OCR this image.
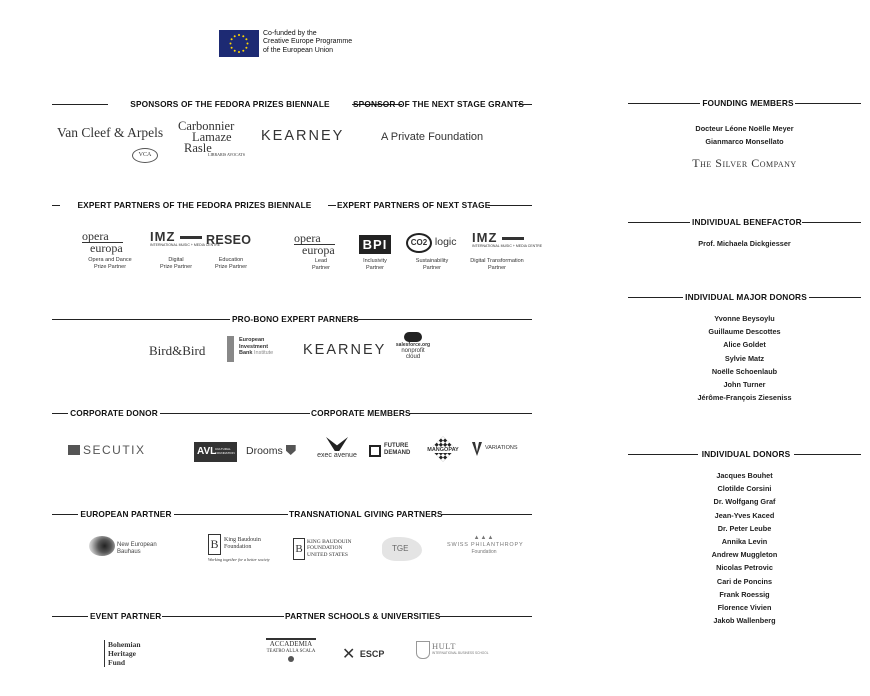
Co-funded by the
Creative Europe Programme
of the European Union
SPONSORS OF THE FEDORA PRIZES BIENNALE	SPONSOR OF THE NEXT STAGE GRANTS	FOUNDING MEMBERS
Van Cleef & Arpels
VCA
Carbonnier
Lamaze
Rasle
LIBRARIS AVOCATS
KEARNEY	A Private Foundation
Docteur Léone Noëlle Meyer
Gianmarco Monsellato
The Silver Company
EXPERT PARTNERS OF THE FEDORA PRIZES BIENNALE	EXPERT PARTNERS OF NEXT STAGE
INDIVIDUAL BENEFACTOR
Prof. Michaela Dickgiesser
opera
europa
Opera and Dance
Prize Partner
IMZ
INTERNATIONAL MUSIC + MEDIA CENTRE
Digital
Prize Partner
RESEO
Education
Prize Partner
opera
europa
Lead
Partner
BPI
Inclusivity
Partner
CO2 logic
Sustainability
Partner
IMZ
INTERNATIONAL MUSIC + MEDIA CENTRE
Digital Transformation
Partner
INDIVIDUAL MAJOR DONORS
Yvonne Beysoylu
Guillaume Descottes
Alice Goldet
Sylvie Matz
Noëlle Schoenlaub
John Turner
Jérôme-François Zieseniss
PRO-BONO EXPERT PARNERS
Bird&Bird
European
Investment
Bank Institute KEARNEY	salesforce.org
nonprofit
cloud
CORPORATE DONOR	CORPORATE MEMBERS
SECUTIX	AVL
CULTURAL FOUNDATION Drooms	exec avenue
FUTURE
DEMAND	MANGOPAY	VARIATIONS
INDIVIDUAL DONORS
Jacques Bouhet
Clotilde Corsini
Dr. Wolfgang Graf
Jean-Yves Kaced
Dr. Peter Leube
Annika Levin
Andrew Muggleton
Nicolas Petrovic
Cari de Poncins
Frank Roessig
Florence Vivien
Jakob Wallenberg
EUROPEAN PARTNER	TRANSNATIONAL GIVING PARTNERS
New European
Bauhaus
B King Baudouin
Foundation
Working together for a better society
B
KING BAUDOUIN
FOUNDATION
UNITED STATES
TGE
▲▲▲
SWISS PHILANTHROPY
Foundation
EVENT PARTNER	PARTNER SCHOOLS & UNIVERSITIES
Bohemian
Heritage
Fund
ACCADEMIA
TEATRO ALLA SCALA ✕ ESCP
HULT
INTERNATIONAL BUSINESS SCHOOL
